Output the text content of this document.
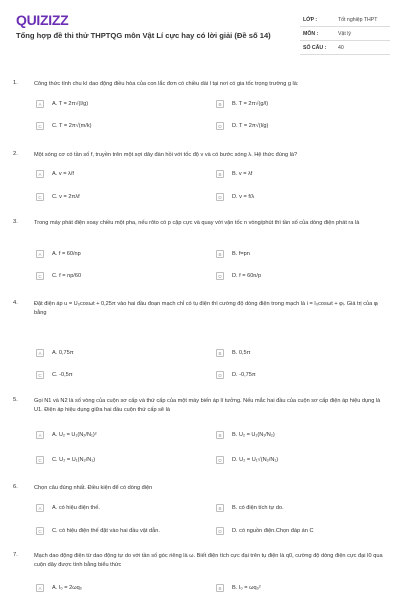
QUIZIZZ
Tổng hợp đề thi thử THPTQG môn Vật Lí cực hay có lời giải (Đề số 14)
LỚP :	Tốt nghiệp THPT
MÔN :	Vật lý
SỐ CÂU : 40
1.	Công thức tính chu kì dao động điều hòa của con lắc đơn có chiều dài l tại nơi có gia tốc trọng trường g là:
A	A. T = 2π√(l/g)	B	B. T = 2π√(g/l)
C	C. T = 2π√(m/k)	D	D. T = 2π√(l/g)
2.	Một sóng cơ có tần số f, truyền trên một sợi dây đàn hồi với tốc độ v và có bước sóng λ. Hệ thức đúng là?
A	A. v = λ/f	B	B. v = λf
C	C. v = 2πλf	D	D. v = f/λ
3.	Trong máy phát điện xoay chiều một pha, nếu rôto có p cặp cực và quay với vận tốc n vòng/phút thì tần số của dòng điện phát ra là
A	A. f = 60/np	B	B. f=pn
C	C. f = np/60	D	D. f = 60n/p
4.	Đặt điện áp u = U₀cosωt + 0,25π vào hai đầu đoạn mạch chỉ có tụ điện thì cường độ dòng điện trong mạch là i = I₀cosωt + φᵢ. Giá trị của φᵢ bằng
A	A. 0,75π	B	B. 0,5π
C	C. -0,5π	D	D. -0,75π
5.	Gọi N1 và N2 là số vòng của cuộn sơ cấp và thứ cấp của một máy biến áp lí tưởng. Nếu mắc hai đầu của cuộn sơ cấp điện áp hiệu dụng là U1. Điện áp hiệu dụng giữa hai đầu cuộn thứ cấp sẽ là
A	A. U₂ = U₁(N₂/N₁)²	B	B. U₂ = U₁(N₁/N₂)
C	C. U₂ = U₁(N₂/N₁)	D	D. U₂ = U₁√(N₂/N₁)
6.	Chọn câu đúng nhất. Điều kiện để có dòng điện
A	A. có hiệu điện thế.	B	B. có điện tích tự do.
C	C. có hiệu điện thế đặt vào hai đầu vật dẫn.	D	D. có nguồn điện.Chọn đáp án C
7.	Mạch dao động điện từ dao động tự do với tần số góc riêng là ω. Biết điện tích cực đại trên tụ điện là q0, cường độ dòng điện cực đại I0 qua cuộn dây được tính bằng biểu thức
A	A. I₀ = 2ωq₀	B	B. I₀ = ωq₀²
